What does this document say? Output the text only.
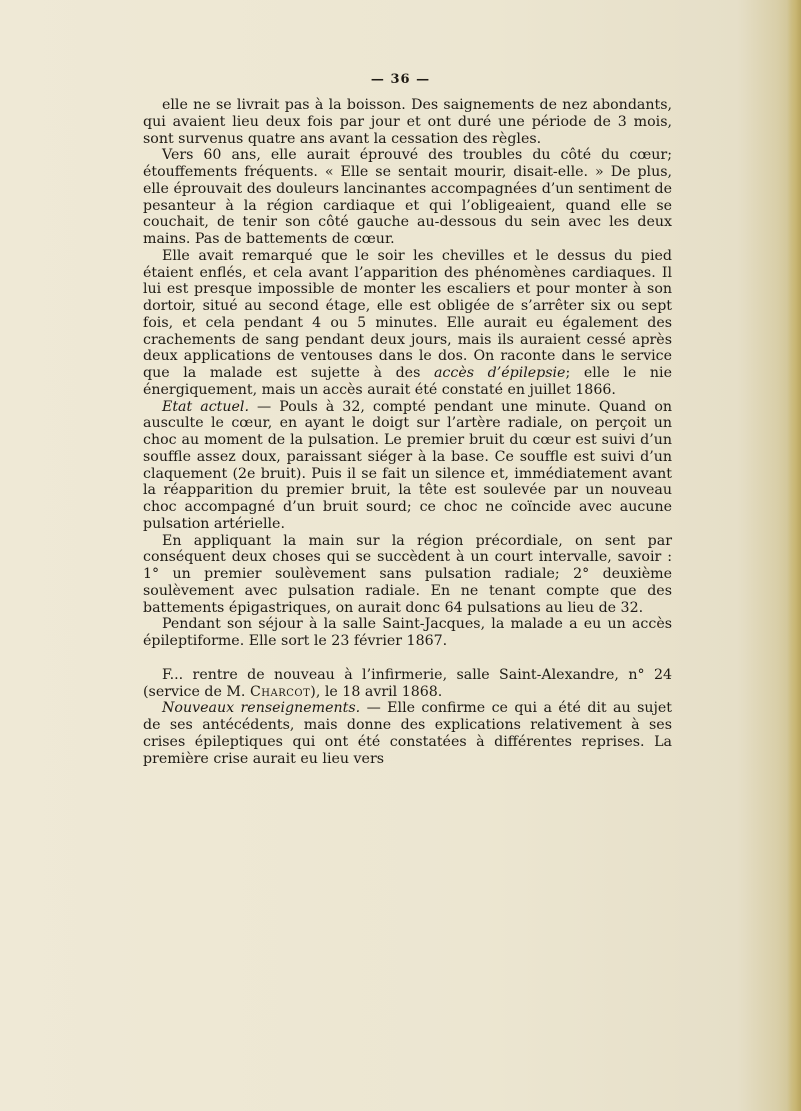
— 36 —

elle ne se livrait pas à la boisson. Des saignements de nez abondants, qui avaient lieu deux fois par jour et ont duré une période de 3 mois, sont survenus quatre ans avant la cessation des règles.

Vers 60 ans, elle aurait éprouvé des troubles du côté du cœur; étouffements fréquents. « Elle se sentait mourir, disait-elle. » De plus, elle éprouvait des douleurs lancinantes accompagnées d’un sentiment de pesanteur à la région cardiaque et qui l’obligeaient, quand elle se couchait, de tenir son côté gauche au-dessous du sein avec les deux mains. Pas de battements de cœur.

Elle avait remarqué que le soir les chevilles et le dessus du pied étaient enflés, et cela avant l’apparition des phénomènes cardiaques. Il lui est presque impossible de monter les escaliers et pour monter à son dortoir, situé au second étage, elle est obligée de s’arrêter six ou sept fois, et cela pendant 4 ou 5 minutes. Elle aurait eu également des crachements de sang pendant deux jours, mais ils auraient cessé après deux applications de ventouses dans le dos. On raconte dans le service que la malade est sujette à des accès d’épilepsie; elle le nie énergiquement, mais un accès aurait été constaté en juillet 1866.

Etat actuel. — Pouls à 32, compté pendant une minute. Quand on ausculte le cœur, en ayant le doigt sur l’artère radiale, on perçoit un choc au moment de la pulsation. Le premier bruit du cœur est suivi d’un souffle assez doux, paraissant siéger à la base. Ce souffle est suivi d’un claquement (2e bruit). Puis il se fait un silence et, immédiatement avant la réapparition du premier bruit, la tête est soulevée par un nouveau choc accompagné d’un bruit sourd; ce choc ne coïncide avec aucune pulsation artérielle.

En appliquant la main sur la région précordiale, on sent par conséquent deux choses qui se succèdent à un court intervalle, savoir : 1° un premier soulèvement sans pulsation radiale; 2° deuxième soulèvement avec pulsation radiale. En ne tenant compte que des battements épigastriques, on aurait donc 64 pulsations au lieu de 32.

Pendant son séjour à la salle Saint-Jacques, la malade a eu un accès épileptiforme. Elle sort le 23 février 1867.

F... rentre de nouveau à l’infirmerie, salle Saint-Alexandre, n° 24 (service de M. Charcot), le 18 avril 1868.

Nouveaux renseignements. — Elle confirme ce qui a été dit au sujet de ses antécédents, mais donne des explications relativement à ses crises épileptiques qui ont été constatées à différentes reprises. La première crise aurait eu lieu vers
